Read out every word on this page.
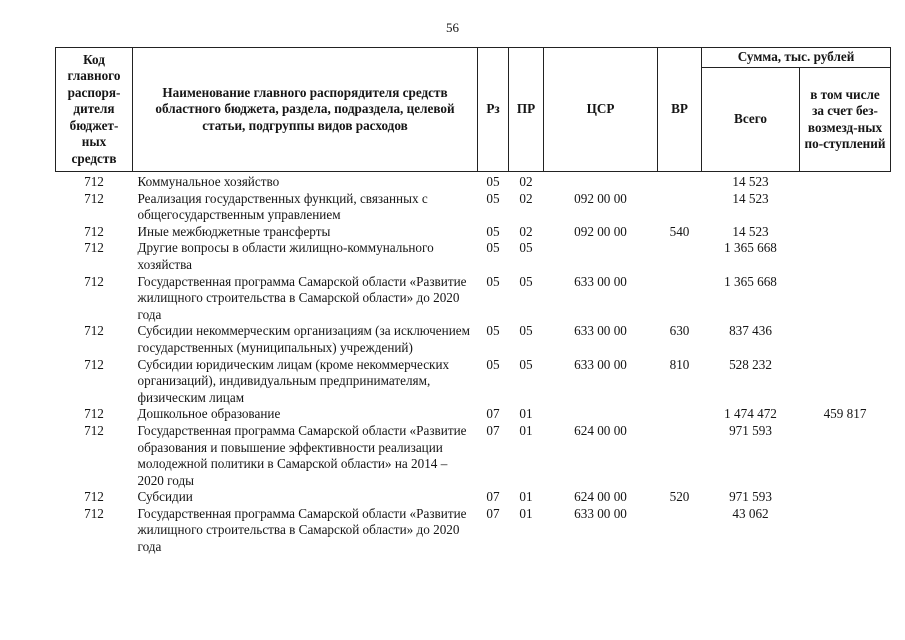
56
Код главного распоря-дителя бюджет-ных средств	Наименование главного распорядителя средств областного бюджета, раздела, подраздела, целевой статьи, подгруппы видов расходов	Рз	ПР	ЦСР	ВР	Сумма, тыс. рублей	
						Всего	в том числе за счет без-возмезд-ных по-ступлений
712	Коммунальное хозяйство	05	02			14 523	
712	Реализация государственных функций, связанных с общегосударственным управлением	05	02	092 00 00		14 523	
712	Иные межбюджетные трансферты	05	02	092 00 00	540	14 523	
712	Другие вопросы в области жилищно-коммунального хозяйства	05	05			1 365 668	
712	Государственная программа Самарской области «Развитие жилищного строительства в Самарской области» до 2020 года	05	05	633 00 00		1 365 668	
712	Субсидии некоммерческим организациям (за исключением государственных (муниципальных) учреждений)	05	05	633 00 00	630	837 436	
712	Субсидии юридическим лицам (кроме некоммерческих организаций), индивидуальным предпринимателям, физическим лицам	05	05	633 00 00	810	528 232	
712	Дошкольное образование	07	01			1 474 472	459 817
712	Государственная программа Самарской области «Развитие образования и повышение эффективности реализации молодежной политики в Самарской области» на 2014 – 2020 годы	07	01	624 00 00		971 593	
712	Субсидии	07	01	624 00 00	520	971 593	
712	Государственная программа Самарской области «Развитие жилищного строительства в Самарской области» до 2020 года	07	01	633 00 00		43 062	
